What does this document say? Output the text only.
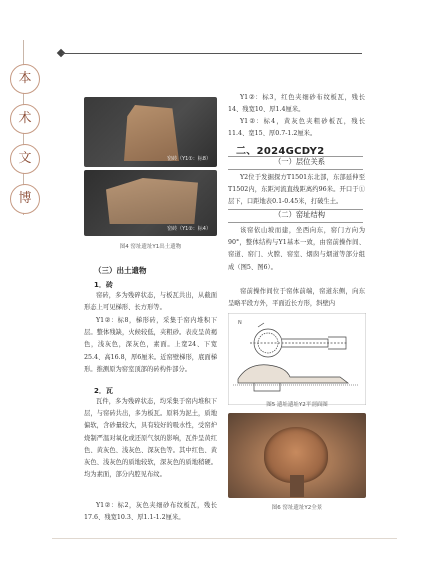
本
术
文
博
窑砖（Y1①：标8）
窑砖（Y1②：标4）
图4 窑址遗址Y1出土遗物
（三）出土遗物
1．砖
窑砖，多为残碎状态，与板瓦共出，从截面形态上可见梯形、长方形等。
Y1②：标8，梯形砖，采集于窑内堆积下层。整体残缺，火候较低，夹粗砂。表皮呈黄褐色，浅灰色，深灰色，素面。上宽24、下宽25.4、高16.8，厚6厘米。近窑壁梯形，底面梯形。推测原为窑室顶部的砖构件部分。
2．瓦
瓦件，多为残碎状态，均采集于窑内堆积下层，与窑砖共出，多为板瓦。原料为泥土，质地偏软，含砂量较大，具有较好的吸水性，受窑炉烧制严温对氧化或还原气氛的影响，瓦件呈黄红色、黄灰色、浅灰色、深灰色等。其中红色、黄灰色、浅灰色的质地较软，深灰色的质地稍硬。均为素面，部分内腔见布纹。
Y1②：标2，灰色夹细砂布纹板瓦，残长17.6、残宽10.3、厚1.1-1.2厘米。
Y1②：标3，红色夹细砂布纹板瓦，残长14、残宽10、厚1.4厘米。
Y1②：标4，黄灰色夹粗砂板瓦，残长11.4、宽15、厚0.7-1.2厘米。
二、2024GCDY2
（一）层位关系
Y2位于发掘探方T1501东北部，东部延伸至T1502内，东距河流直线距离约96米。开口于①层下，口距地表0.1-0.45米，打破生土。
（二）窑址结构
该窑依山坡而建，坐西向东，窑门方向为90°，整体结构与Y1基本一致，由窑前操作间、窑道、窑门、火膛、窑室、烟囱与烟道等部分组成（图5、图6）。
窑前操作间位于窑体前端，窑道东侧，向东呈略平段方外，平面近长方形，斜壁内
N
图5 遗址遗址Y2平剖面图
图6 窑址遗址Y2全景
